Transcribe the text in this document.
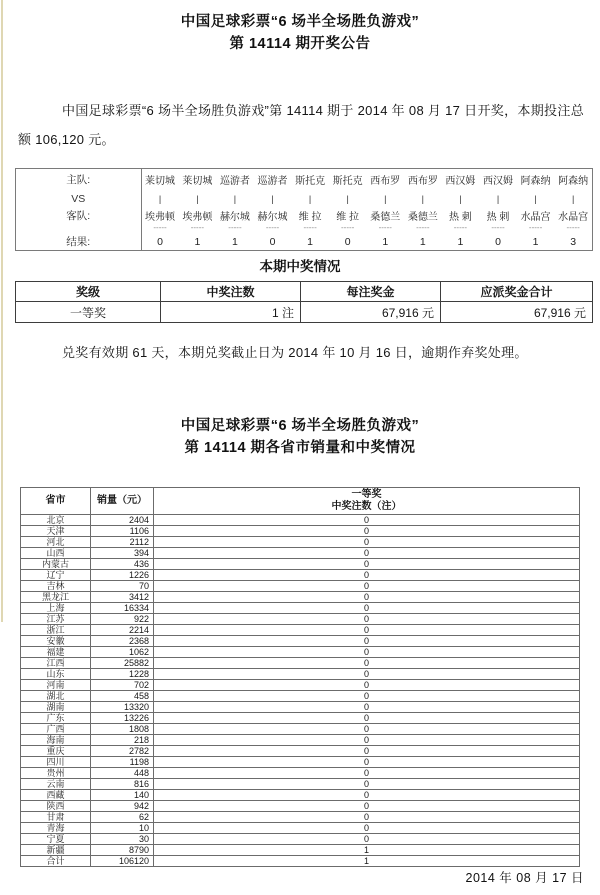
中国足球彩票“6 场半全场胜负游戏”
第 14114 期开奖公告
中国足球彩票“6 场半全场胜负游戏”第 14114 期于 2014 年 08 月 17 日开奖，本期投注总额 106,120 元。
主队:	莱切城	莱切城	巡游者	巡游者	斯托克	斯托克	西布罗	西布罗	西汉姆	西汉姆	阿森纳	阿森纳
VS	|	|	|	|	|	|	|	|	|	|	|	|
客队:	埃弗顿	埃弗顿	赫尔城	赫尔城	维 拉	维 拉	桑德兰	桑德兰	热 刺	热 刺	水晶宫	水晶宫
	-----	-----	-----	-----	-----	-----	-----	-----	-----	-----	-----	-----
结果:	0	1	1	0	1	0	1	1	1	0	1	3
本期中奖情况
奖级	中奖注数	每注奖金	应派奖金合计
一等奖	1 注	67,916 元	67,916 元
兑奖有效期 61 天，本期兑奖截止日为 2014 年 10 月 16 日，逾期作弃奖处理。
中国足球彩票“6 场半全场胜负游戏”
第 14114 期各省市销量和中奖情况
省市	销量（元）	一等奖
中奖注数（注）

北京	2404	0
天津	1106	0
河北	2112	0
山西	394	0
内蒙古	436	0
辽宁	1226	0
吉林	70	0
黑龙江	3412	0
上海	16334	0
江苏	922	0
浙江	2214	0
安徽	2368	0
福建	1062	0
江西	25882	0
山东	1228	0
河南	702	0
湖北	458	0
湖南	13320	0
广东	13226	0
广西	1808	0
海南	218	0
重庆	2782	0
四川	1198	0
贵州	448	0
云南	816	0
西藏	140	0
陕西	942	0
甘肃	62	0
青海	10	0
宁夏	30	0
新疆	8790	1
合计	106120	1
2014 年 08 月 17 日
